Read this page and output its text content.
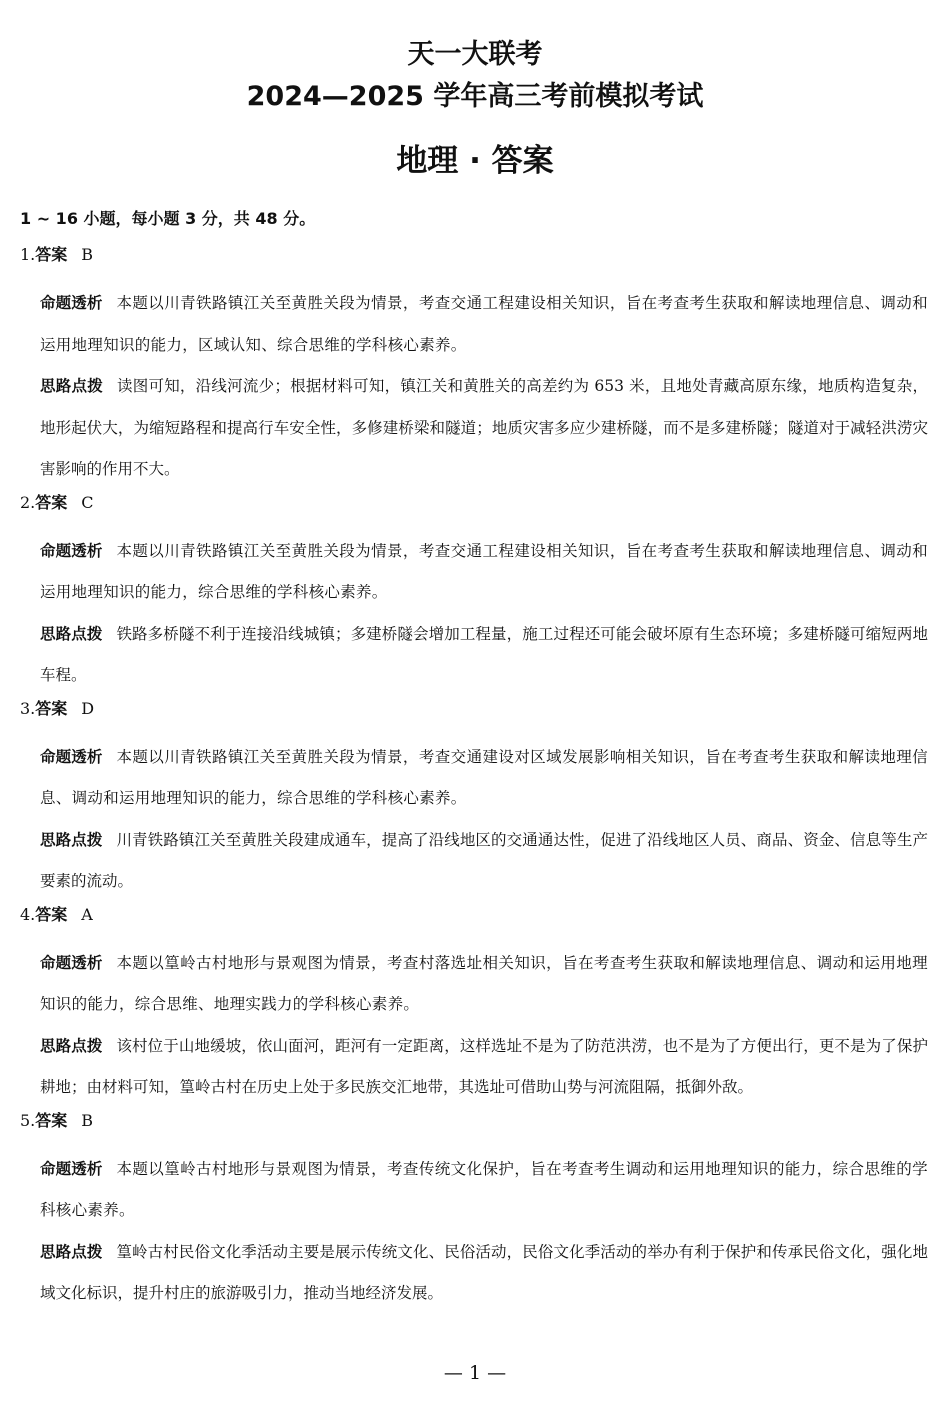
天一大联考
2024—2025 学年高三考前模拟考试
地理 · 答案
1 ~ 16 小题，每小题 3 分，共 48 分。
1.答案 B
命题透析 本题以川青铁路镇江关至黄胜关段为情景，考查交通工程建设相关知识，旨在考查考生获取和解读地理信息、调动和运用地理知识的能力，区域认知、综合思维的学科核心素养。
思路点拨 读图可知，沿线河流少；根据材料可知，镇江关和黄胜关的高差约为 653 米，且地处青藏高原东缘，地质构造复杂，地形起伏大，为缩短路程和提高行车安全性，多修建桥梁和隧道；地质灾害多应少建桥隧，而不是多建桥隧；隧道对于减轻洪涝灾害影响的作用不大。
2.答案 C
命题透析 本题以川青铁路镇江关至黄胜关段为情景，考查交通工程建设相关知识，旨在考查考生获取和解读地理信息、调动和运用地理知识的能力，综合思维的学科核心素养。
思路点拨 铁路多桥隧不利于连接沿线城镇；多建桥隧会增加工程量，施工过程还可能会破坏原有生态环境；多建桥隧可缩短两地车程。
3.答案 D
命题透析 本题以川青铁路镇江关至黄胜关段为情景，考查交通建设对区域发展影响相关知识，旨在考查考生获取和解读地理信息、调动和运用地理知识的能力，综合思维的学科核心素养。
思路点拨 川青铁路镇江关至黄胜关段建成通车，提高了沿线地区的交通通达性，促进了沿线地区人员、商品、资金、信息等生产要素的流动。
4.答案 A
命题透析 本题以篁岭古村地形与景观图为情景，考查村落选址相关知识，旨在考查考生获取和解读地理信息、调动和运用地理知识的能力，综合思维、地理实践力的学科核心素养。
思路点拨 该村位于山地缓坡，依山面河，距河有一定距离，这样选址不是为了防范洪涝，也不是为了方便出行，更不是为了保护耕地；由材料可知，篁岭古村在历史上处于多民族交汇地带，其选址可借助山势与河流阻隔，抵御外敌。
5.答案 B
命题透析 本题以篁岭古村地形与景观图为情景，考查传统文化保护，旨在考查考生调动和运用地理知识的能力，综合思维的学科核心素养。
思路点拨 篁岭古村民俗文化季活动主要是展示传统文化、民俗活动，民俗文化季活动的举办有利于保护和传承民俗文化，强化地域文化标识，提升村庄的旅游吸引力，推动当地经济发展。
— 1 —
